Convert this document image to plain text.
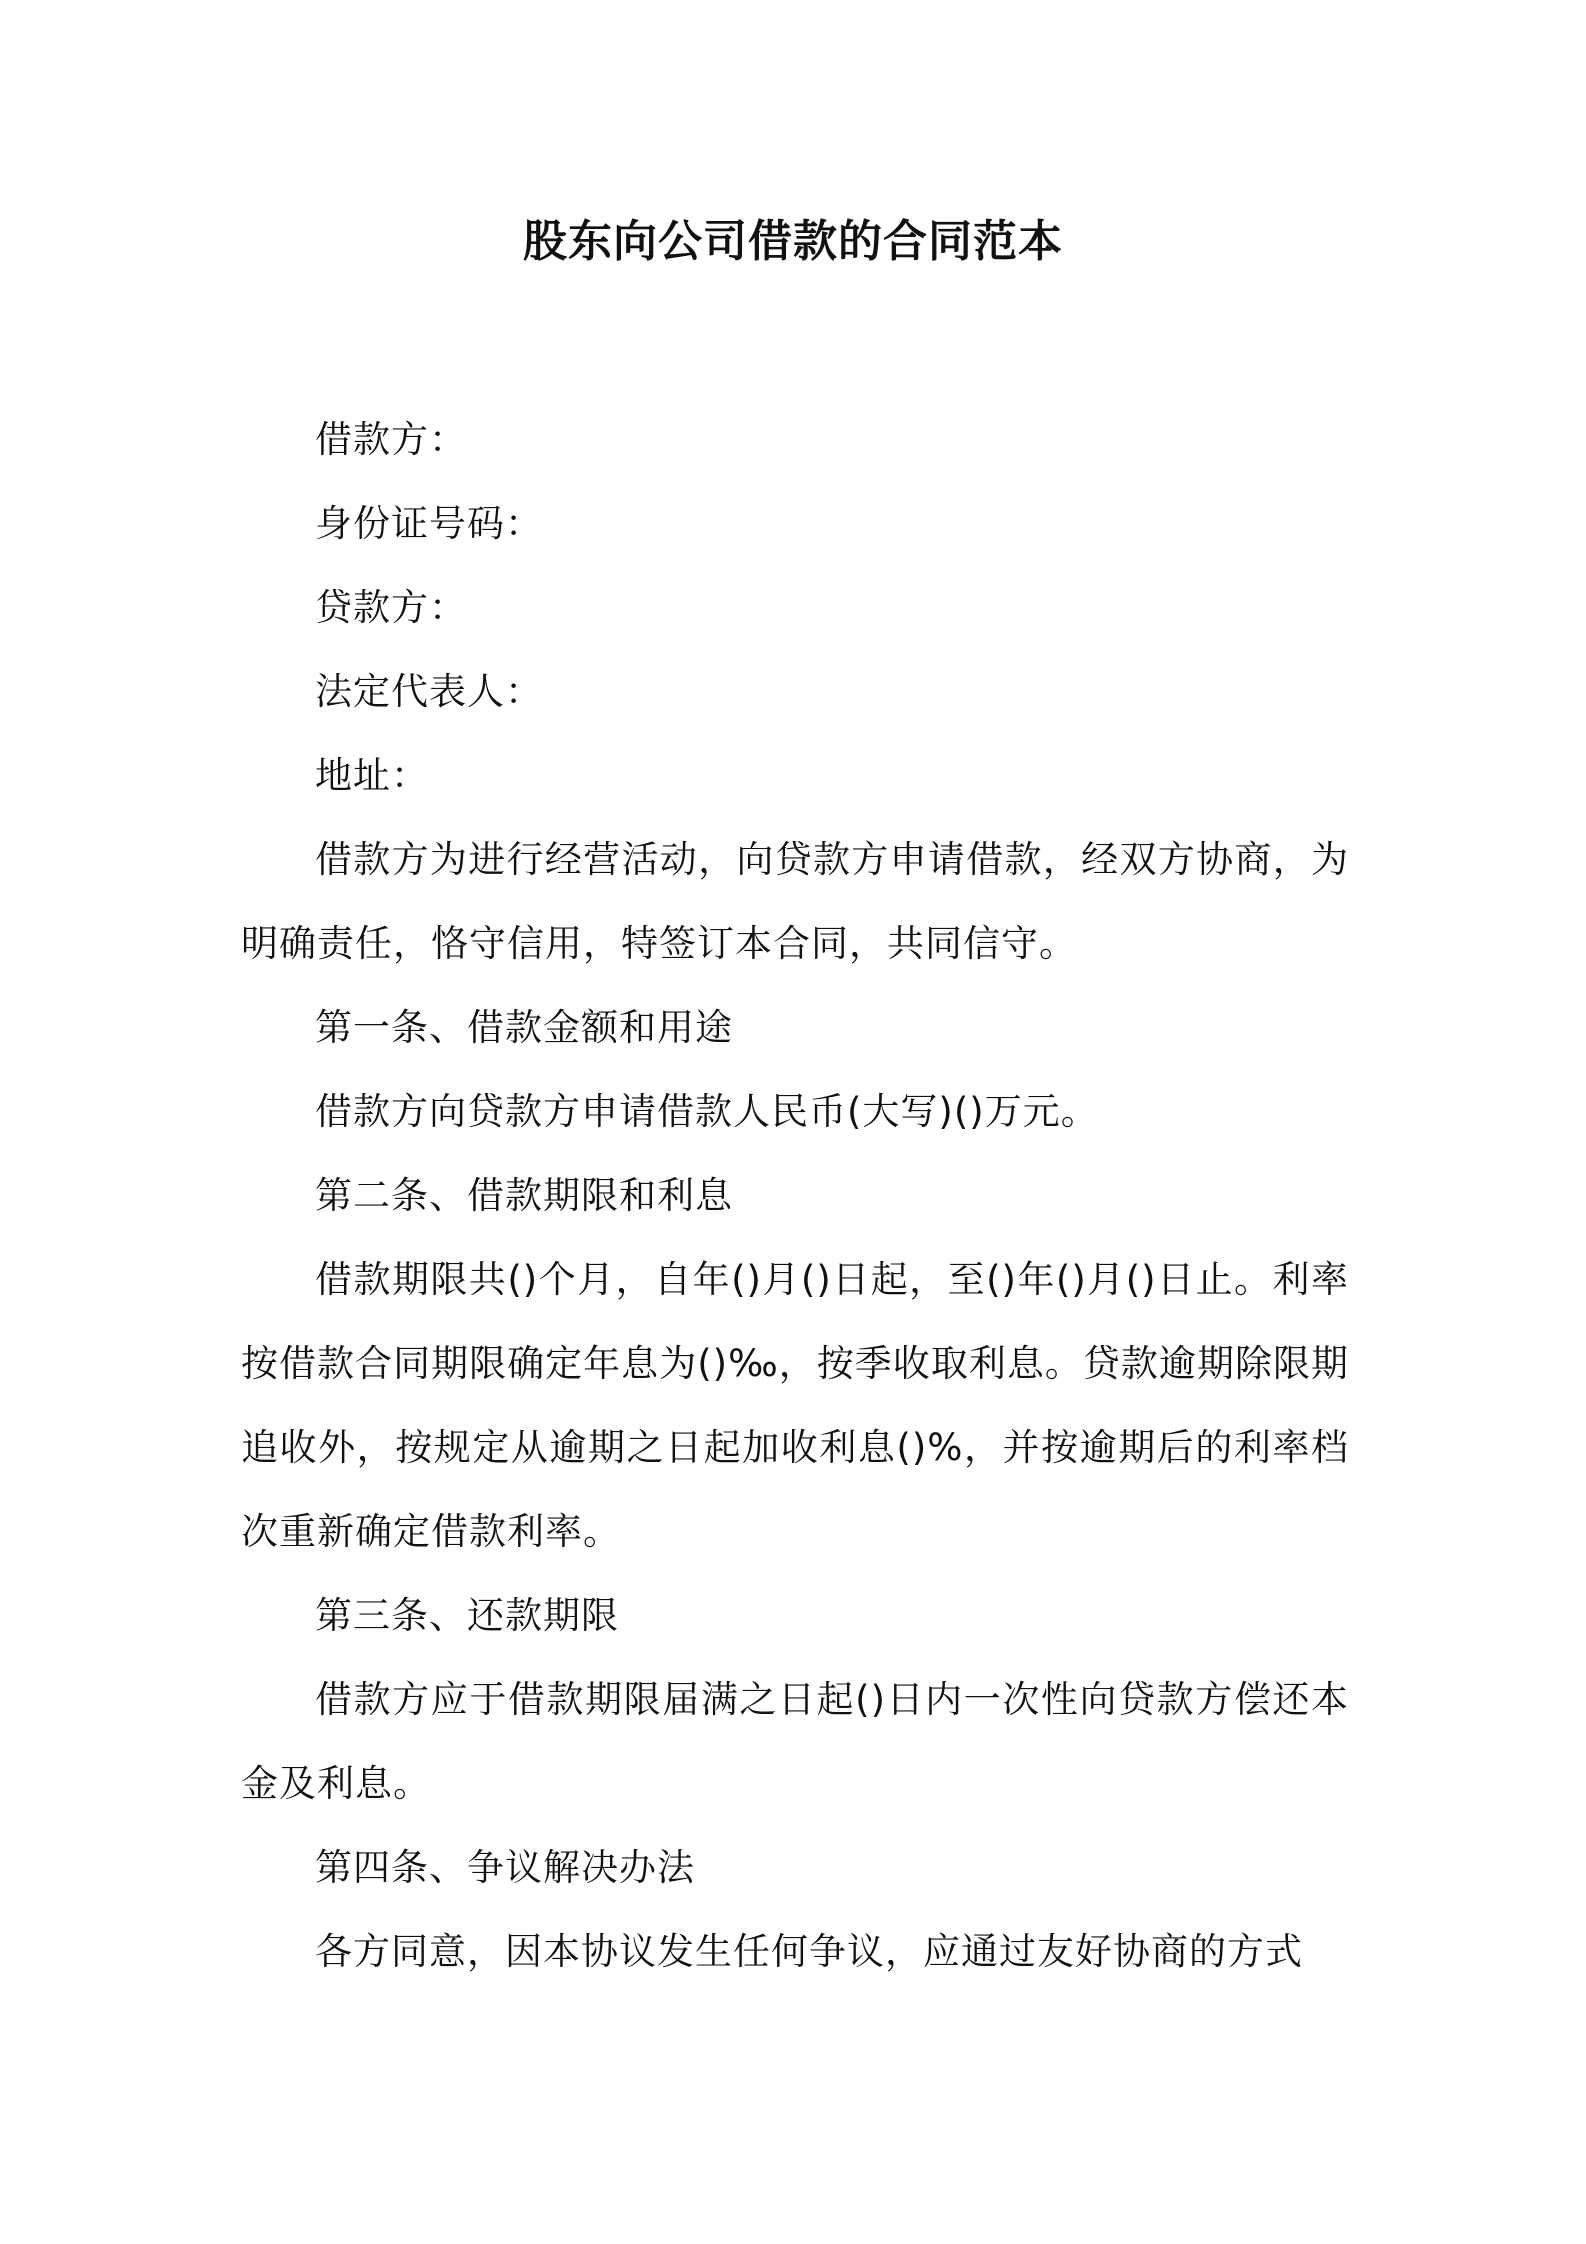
股东向公司借款的合同范本

借款方：

身份证号码：

贷款方：

法定代表人：

地址：

借款方为进行经营活动，向贷款方申请借款，经双方协商，为明确责任，恪守信用，特签订本合同，共同信守。

第一条、借款金额和用途

借款方向贷款方申请借款人民币(大写)()万元。

第二条、借款期限和利息

借款期限共()个月，自年()月()日起，至()年()月()日止。利率按借款合同期限确定年息为()‰，按季收取利息。贷款逾期除限期追收外，按规定从逾期之日起加收利息()%，并按逾期后的利率档次重新确定借款利率。

第三条、还款期限

借款方应于借款期限届满之日起()日内一次性向贷款方偿还本金及利息。

第四条、争议解决办法

各方同意，因本协议发生任何争议，应通过友好协商的方式
